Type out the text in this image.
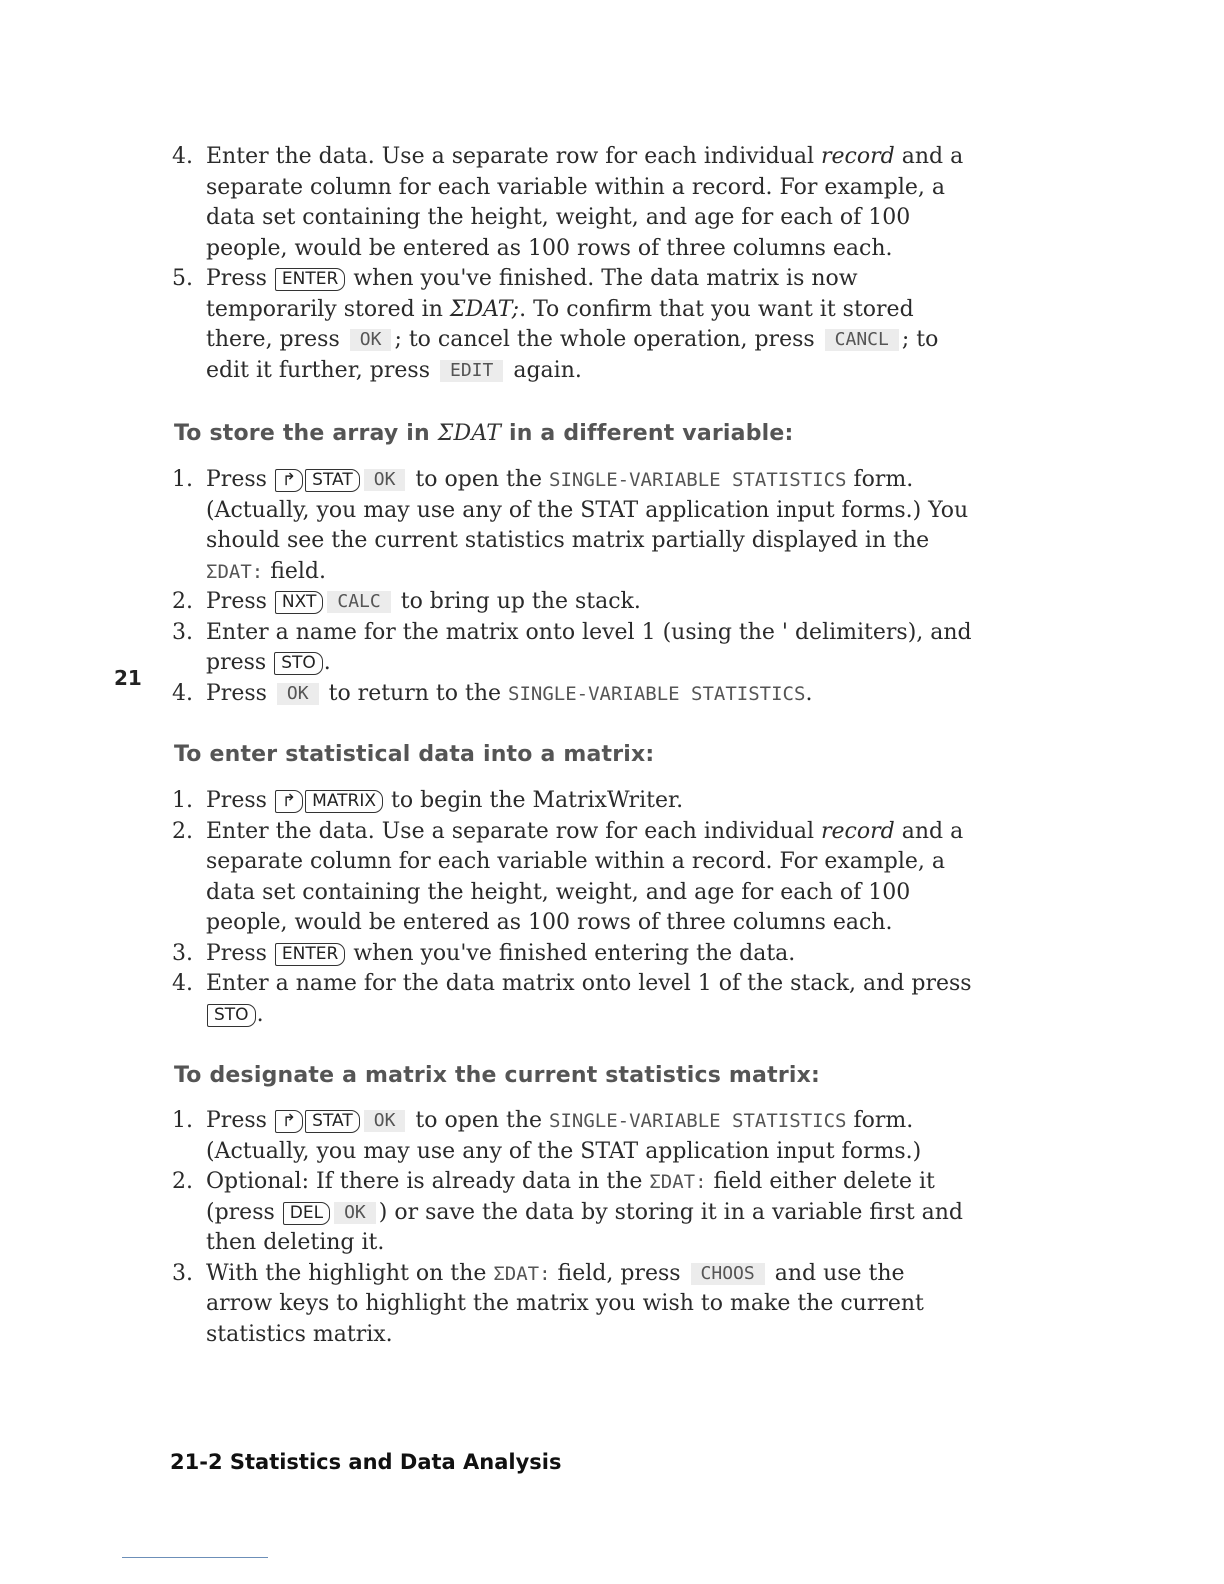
4. Enter the data. Use a separate row for each individual record and a separate column for each variable within a record. For example, a data set containing the height, weight, and age for each of 100 people, would be entered as 100 rows of three columns each.
5. Press ENTER when you've finished. The data matrix is now temporarily stored in ΣDAT;. To confirm that you want it stored there, press OK ; to cancel the whole operation, press CANCL ; to edit it further, press EDIT again.
To store the array in ΣDAT in a different variable:
1. Press ↱ STAT OK to open the SINGLE-VARIABLE STATISTICS form. (Actually, you may use any of the STAT application input forms.) You should see the current statistics matrix partially displayed in the ΣDAT: field.
2. Press NXT CALC to bring up the stack.
3. Enter a name for the matrix onto level 1 (using the ' delimiters), and press STO .
4. Press OK to return to the SINGLE-VARIABLE STATISTICS.
21
To enter statistical data into a matrix:
1. Press ↱ MATRIX to begin the MatrixWriter.
2. Enter the data. Use a separate row for each individual record and a separate column for each variable within a record. For example, a data set containing the height, weight, and age for each of 100 people, would be entered as 100 rows of three columns each.
3. Press ENTER when you've finished entering the data.
4. Enter a name for the data matrix onto level 1 of the stack, and press STO .
To designate a matrix the current statistics matrix:
1. Press ↱ STAT OK to open the SINGLE-VARIABLE STATISTICS form. (Actually, you may use any of the STAT application input forms.)
2. Optional: If there is already data in the ΣDAT: field either delete it (press DEL OK ) or save the data by storing it in a variable first and then deleting it.
3. With the highlight on the ΣDAT: field, press CHOOS and use the arrow keys to highlight the matrix you wish to make the current statistics matrix.
21-2 Statistics and Data Analysis
